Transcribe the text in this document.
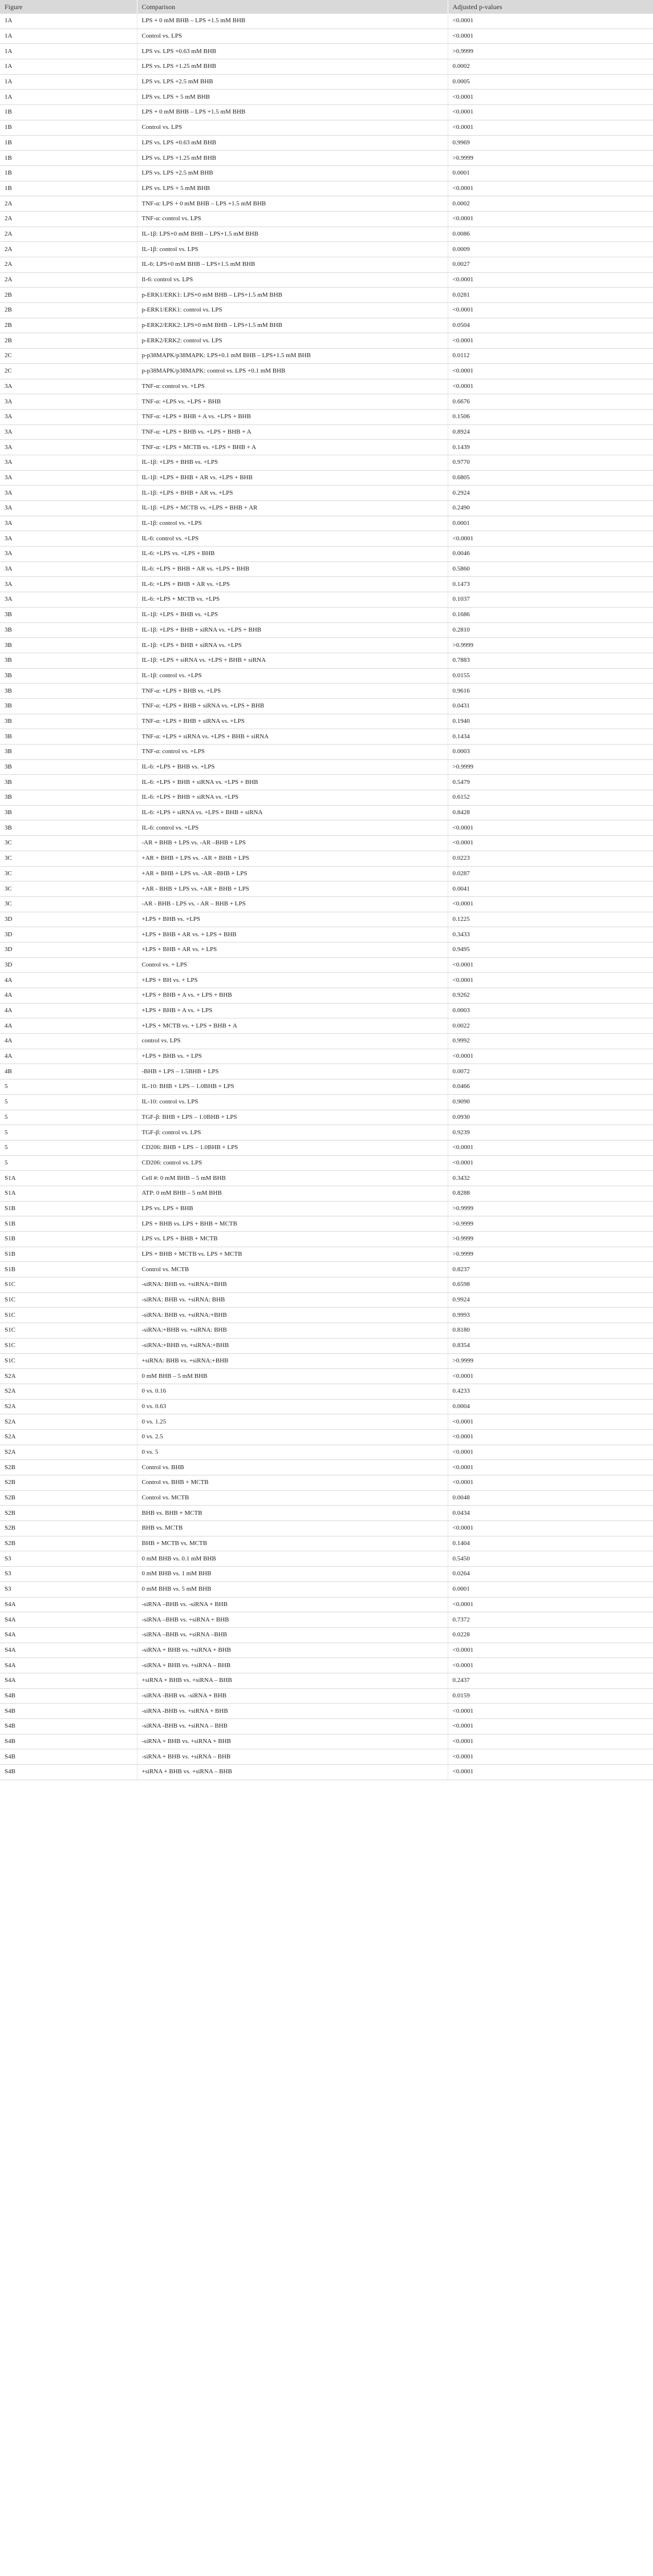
Figure	Comparison	Adjusted p-values
1A	LPS + 0 mM BHB – LPS +1.5 mM BHB	<0.0001
1A	Control vs. LPS	<0.0001
1A	LPS vs. LPS +0.63 mM BHB	>0.9999
1A	LPS vs. LPS +1.25 mM BHB	0.0002
1A	LPS vs. LPS +2.5 mM BHB	0.0005
1A	LPS vs. LPS + 5 mM BHB	<0.0001
1B	LPS + 0 mM BHB – LPS +1.5 mM BHB	<0.0001
1B	Control vs. LPS	<0.0001
1B	LPS vs. LPS +0.63 mM BHB	0.9969
1B	LPS vs. LPS +1.25 mM BHB	>0.9999
1B	LPS vs. LPS +2.5 mM BHB	0.0001
1B	LPS vs. LPS + 5 mM BHB	<0.0001
2A	TNF-α: LPS + 0 mM BHB – LPS +1.5 mM BHB	0.0002
2A	TNF-α: control vs. LPS	<0.0001
2A	IL-1β: LPS+0 mM BHB – LPS+1.5 mM BHB	0.0086
2A	IL-1β: control vs. LPS	0.0009
2A	IL-6: LPS+0 mM BHB – LPS+1.5 mM BHB	0.0027
2A	Il-6: control vs. LPS	<0.0001
2B	p-ERK1/ERK1: LPS+0 mM BHB – LPS+1.5 mM BHB	0.0281
2B	p-ERK1/ERK1: control vs. LPS	<0.0001
2B	p-ERK2/ERK2: LPS+0 mM BHB – LPS+1.5 mM BHB	0.0504
2B	p-ERK2/ERK2: control vs. LPS	<0.0001
2C	p-p38MAPK/p38MAPK: LPS+0.1 mM BHB – LPS+1.5 mM BHB	0.0112
2C	p-p38MAPK/p38MAPK: control vs. LPS +0.1 mM BHB	<0.0001
3A	TNF-α: control vs. +LPS	<0.0001
3A	TNF-α: +LPS vs. +LPS + BHB	0.6676
3A	TNF-α: +LPS + BHB + A vs. +LPS + BHB	0.1506
3A	TNF-α: +LPS + BHB vs. +LPS + BHB + A	0.8924
3A	TNF-α: +LPS + MCTB vs. +LPS + BHB + A	0.1439
3A	IL-1β: +LPS + BHB vs. +LPS	0.9770
3A	IL-1β: +LPS + BHB + AR vs. +LPS + BHB	0.6805
3A	IL-1β: +LPS + BHB + AR vs. +LPS	0.2924
3A	IL-1β: +LPS + MCTB vs. +LPS + BHB + AR	0.2490
3A	IL-1β: control vs. +LPS	0.0001
3A	IL-6: control vs. +LPS	<0.0001
3A	IL-6: +LPS vs. +LPS + BHB	0.0046
3A	IL-6: +LPS + BHB + AR vs. +LPS + BHB	0.5860
3A	IL-6: +LPS + BHB + AR vs. +LPS	0.1473
3A	IL-6: +LPS + MCTB vs. +LPS	0.1037
3B	IL-1β: +LPS + BHB vs. +LPS	0.1686
3B	IL-1β: +LPS + BHB + siRNA vs. +LPS + BHB	0.2810
3B	IL-1β: +LPS + BHB + siRNA vs. +LPS	>0.9999
3B	IL-1β: +LPS + siRNA vs. +LPS + BHB + siRNA	0.7883
3B	IL-1β: control vs. +LPS	0.0155
3B	TNF-α: +LPS + BHB vs. +LPS	0.9616
3B	TNF-α: +LPS + BHB + siRNA vs. +LPS + BHB	0.0431
3B	TNF-α: +LPS + BHB + siRNA vs. +LPS	0.1940
3B	TNF-α: +LPS + siRNA vs. +LPS + BHB + siRNA	0.1434
3B	TNF-α: control vs. +LPS	0.0003
3B	IL-6: +LPS + BHB vs. +LPS	>0.9999
3B	IL-6: +LPS + BHB + siRNA vs. +LPS + BHB	0.5479
3B	IL-6: +LPS + BHB + siRNA vs. +LPS	0.6152
3B	IL-6: +LPS + siRNA vs. +LPS + BHB + siRNA	0.8428
3B	IL-6: control vs. +LPS	<0.0001
3C	-AR + BHB + LPS vs. -AR –BHB + LPS	<0.0001
3C	+AR + BHB + LPS vs. -AR + BHB + LPS	0.0223
3C	+AR + BHB + LPS vs. -AR –BHB + LPS	0.0287
3C	+AR - BHB + LPS vs. +AR + BHB + LPS	0.0041
3C	-AR - BHB - LPS vs. - AR – BHB + LPS	<0.0001
3D	+LPS + BHB vs. +LPS	0.1225
3D	+LPS + BHB + AR vs. + LPS + BHB	0.3433
3D	+LPS + BHB + AR vs. + LPS	0.9495
3D	Control vs. + LPS	<0.0001
4A	+LPS + BH vs. + LPS	<0.0001
4A	+LPS + BHB + A vs. + LPS + BHB	0.9262
4A	+LPS + BHB + A vs. + LPS	0.0003
4A	+LPS + MCTB vs. + LPS + BHB + A	0.0022
4A	control vs. LPS	0.9992
4A	+LPS + BHB vs. + LPS	<0.0001
4B	-BHB + LPS – 1.5BHB + LPS	0.0072
5	IL-10: BHB + LPS – 1.0BHB + LPS	0.0466
5	IL-10: control vs. LPS	0.9090
5	TGF-β: BHB + LPS – 1.0BHB + LPS	0.0930
5	TGF-β: control vs. LPS	0.9239
5	CD206: BHB + LPS – 1.0BHB + LPS	<0.0001
5	CD206: control vs. LPS	<0.0001
S1A	Cell #: 0 mM BHB – 5 mM BHB	0.3432
S1A	ATP: 0 mM BHB – 5 mM BHB	0.8288
S1B	LPS vs. LPS + BHB	>0.9999
S1B	LPS + BHB vs. LPS + BHB + MCTB	>0.9999
S1B	LPS vs. LPS + BHB + MCTB	>0.9999
S1B	LPS + BHB + MCTB vs. LPS + MCTB	>0.9999
S1B	Control vs. MCTB	0.8237
S1C	-siRNA: BHB vs. +siRNA:+BHB	0.6598
S1C	-siRNA: BHB vs. +siRNA: BHB	0.9924
S1C	-siRNA: BHB vs. +siRNA:+BHB	0.9993
S1C	-siRNA:+BHB vs. +siRNA: BHB	0.8180
S1C	-siRNA:+BHB vs. +siRNA:+BHB	0.8354
S1C	+siRNA: BHB vs. +siRNA:+BHB	>0.9999
S2A	0 mM BHB – 5 mM BHB	<0.0001
S2A	0 vs. 0.16	0.4233
S2A	0 vs. 0.63	0.0004
S2A	0 vs. 1.25	<0.0001
S2A	0 vs. 2.5	<0.0001
S2A	0 vs. 5	<0.0001
S2B	Control vs. BHB	<0.0001
S2B	Control vs. BHB + MCTB	<0.0001
S2B	Control vs. MCTB	0.0048
S2B	BHB vs. BHB + MCTB	0.0434
S2B	BHB vs. MCTB	<0.0001
S2B	BHB + MCTB vs. MCTB	0.1404
S3	0 mM BHB vs. 0.1 mM BHB	0.5450
S3	0 mM BHB vs. 1 mM BHB	0.0264
S3	0 mM BHB vs. 5 mM BHB	0.0001
S4A	-siRNA –BHB vs. -siRNA + BHB	<0.0001
S4A	-siRNA –BHB vs. +siRNA + BHB	0.7372
S4A	-siRNA –BHB vs. +siRNA –BHB	0.0228
S4A	-siRNA + BHB vs. +siRNA + BHB	<0.0001
S4A	-siRNA + BHB vs. +siRNA – BHB	<0.0001
S4A	+siRNA + BHB vs. +siRNA – BHB	0.2437
S4B	-siRNA -BHB vs. -siRNA + BHB	0.0159
S4B	-siRNA -BHB vs. +siRNA + BHB	<0.0001
S4B	-siRNA -BHB vs. +siRNA – BHB	<0.0001
S4B	-siRNA + BHB vs. +siRNA + BHB	<0.0001
S4B	-siRNA + BHB vs. +siRNA – BHB	<0.0001
S4B	+siRNA + BHB vs. +siRNA – BHB	<0.0001
